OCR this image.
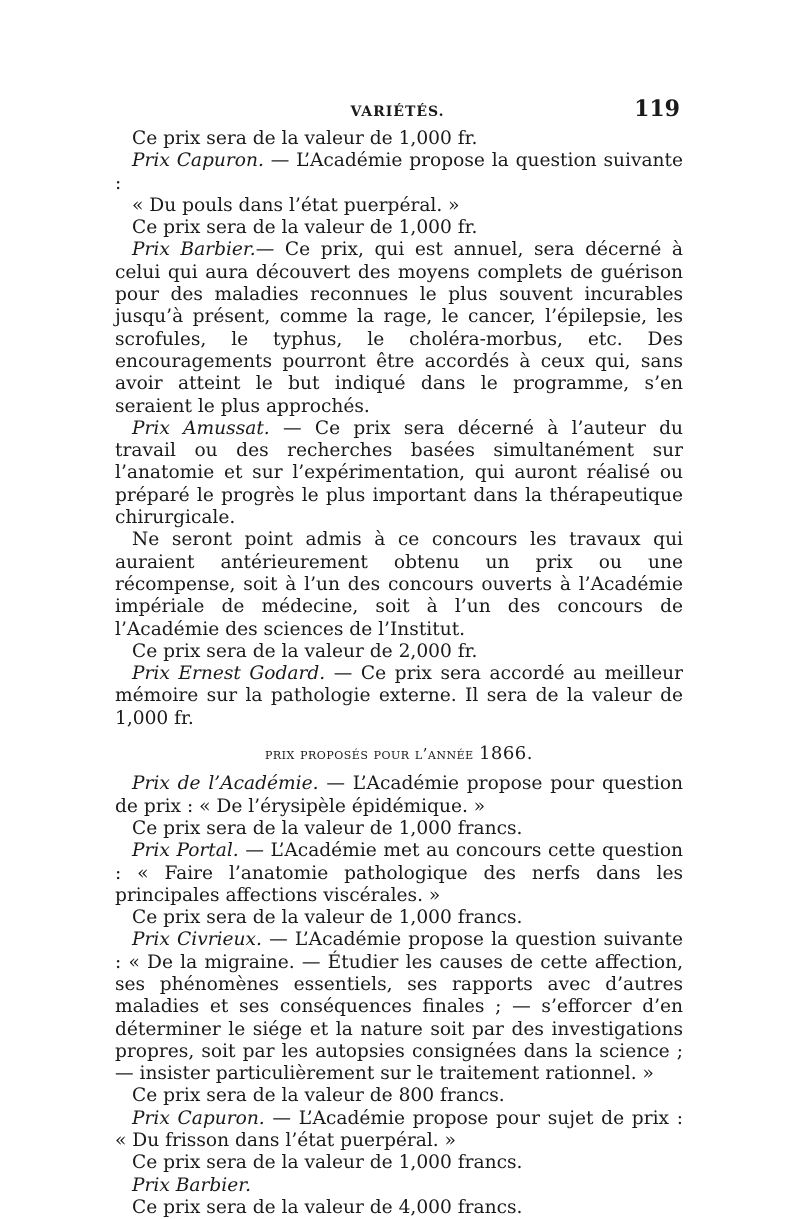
VARIÉTÉS.	119

Ce prix sera de la valeur de 1,000 fr.

Prix Capuron. — L’Académie propose la question suivante :

« Du pouls dans l’état puerpéral. »

Ce prix sera de la valeur de 1,000 fr.

Prix Barbier.— Ce prix, qui est annuel, sera décerné à celui qui aura découvert des moyens complets de guérison pour des maladies reconnues le plus souvent incurables jusqu’à présent, comme la rage, le cancer, l’épilepsie, les scrofules, le typhus, le choléra-morbus, etc. Des encouragements pourront être accordés à ceux qui, sans avoir atteint le but indiqué dans le programme, s’en seraient le plus approchés.

Prix Amussat. — Ce prix sera décerné à l’auteur du travail ou des recherches basées simultanément sur l’anatomie et sur l’expérimentation, qui auront réalisé ou préparé le progrès le plus important dans la thérapeutique chirurgicale.

Ne seront point admis à ce concours les travaux qui auraient antérieurement obtenu un prix ou une récompense, soit à l’un des concours ouverts à l’Académie impériale de médecine, soit à l’un des concours de l’Académie des sciences de l’Institut.

Ce prix sera de la valeur de 2,000 fr.

Prix Ernest Godard. — Ce prix sera accordé au meilleur mémoire sur la pathologie externe. Il sera de la valeur de 1,000 fr.

prix proposés pour l’année 1866.

Prix de l’Académie. — L’Académie propose pour question de prix : « De l’érysipèle épidémique. »

Ce prix sera de la valeur de 1,000 francs.

Prix Portal. — L’Académie met au concours cette question : « Faire l’anatomie pathologique des nerfs dans les principales affections viscérales. »

Ce prix sera de la valeur de 1,000 francs.

Prix Civrieux. — L’Académie propose la question suivante : « De la migraine. — Étudier les causes de cette affection, ses phénomènes essentiels, ses rapports avec d’autres maladies et ses conséquences finales ; — s’efforcer d’en déterminer le siége et la nature soit par des investigations propres, soit par les autopsies consignées dans la science ; — insister particulièrement sur le traitement rationnel. »

Ce prix sera de la valeur de 800 francs.

Prix Capuron. — L’Académie propose pour sujet de prix : « Du frisson dans l’état puerpéral. »

Ce prix sera de la valeur de 1,000 francs.

Prix Barbier.

Ce prix sera de la valeur de 4,000 francs.
